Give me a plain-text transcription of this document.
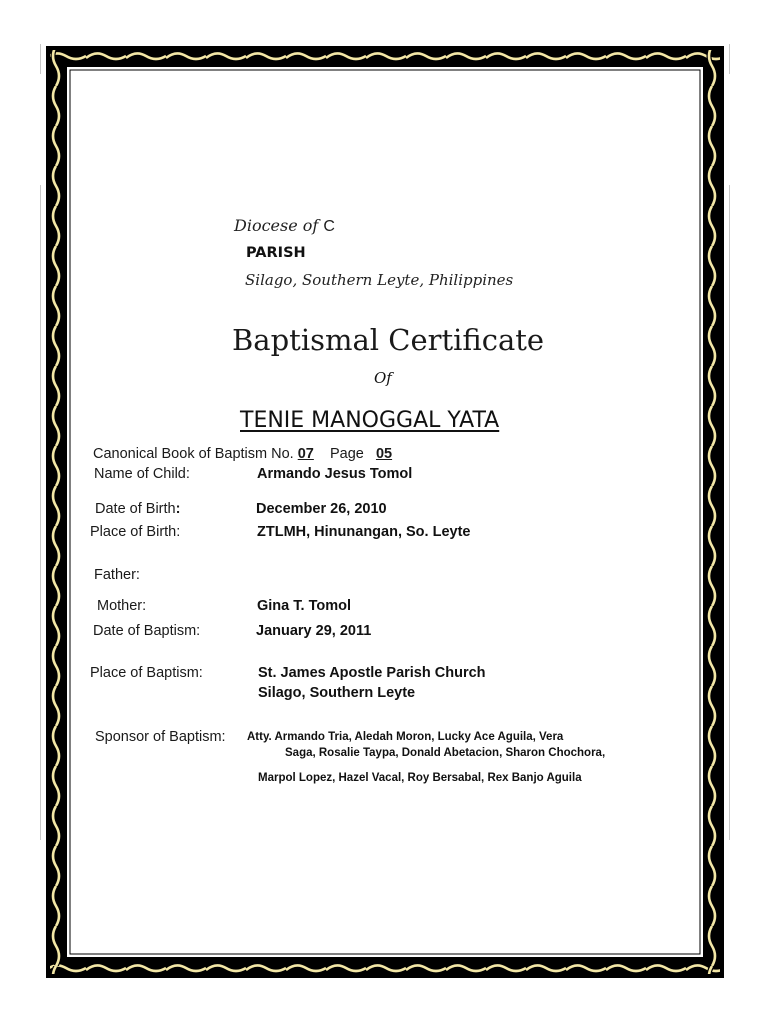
Diocese of C
PARISH
Silago, Southern Leyte, Philippines
Baptismal Certificate
Of
TENIE MANOGGAL YATA
Canonical Book of Baptism No. 07 Page 05
Name of Child:	Armando Jesus Tomol
Date of Birth:	December 26, 2010
Place of Birth:	ZTLMH, Hinunangan, So. Leyte
Father:
Mother:	Gina T. Tomol
Date of Baptism:	January 29, 2011
Place of Baptism:	St. James Apostle Parish Church
Silago, Southern Leyte
Sponsor of Baptism: Atty. Armando Tria, Aledah Moron, Lucky Ace Aguila, Vera
Saga, Rosalie Taypa, Donald Abetacion, Sharon Chochora,
Marpol Lopez, Hazel Vacal, Roy Bersabal, Rex Banjo Aguila
